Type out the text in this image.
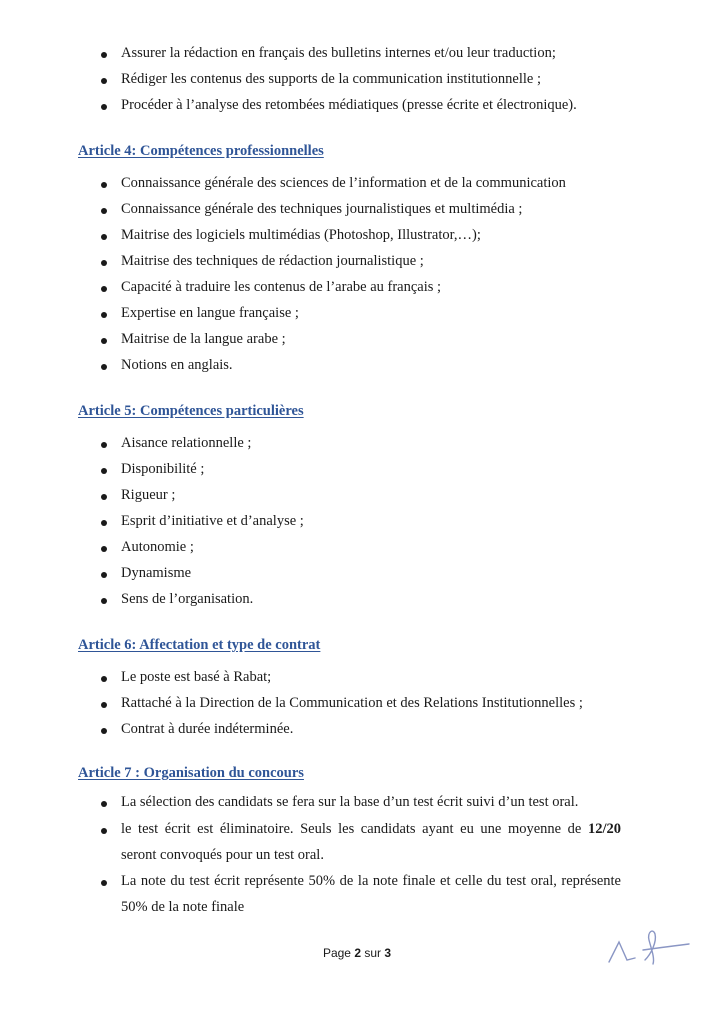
Assurer la rédaction en français des bulletins internes et/ou leur traduction;
Rédiger les contenus des supports de la communication institutionnelle ;
Procéder à l’analyse des retombées médiatiques (presse écrite et électronique).
Article 4: Compétences professionnelles
Connaissance générale des sciences de l’information et de la communication
Connaissance générale des techniques journalistiques et multimédia ;
Maitrise des logiciels multimédias (Photoshop, Illustrator,…);
Maitrise des techniques de rédaction journalistique ;
Capacité à traduire les contenus de l’arabe au français ;
Expertise en langue française ;
Maitrise de la langue arabe ;
Notions en anglais.
Article 5: Compétences particulières
Aisance relationnelle ;
Disponibilité ;
Rigueur ;
Esprit d’initiative et d’analyse ;
Autonomie ;
Dynamisme
Sens de l’organisation.
Article 6: Affectation et type de contrat
Le poste est basé à Rabat;
Rattaché à la Direction de la Communication et des Relations Institutionnelles ;
Contrat à durée indéterminée.
Article 7 : Organisation du concours
La sélection des candidats se fera sur la base d’un test écrit suivi d’un test oral.
le test écrit est éliminatoire. Seuls les candidats ayant eu une moyenne de 12/20 seront convoqués pour un test oral.
La note du test écrit représente 50% de la note finale et celle du test oral, représente 50% de la note finale
Page 2 sur 3
